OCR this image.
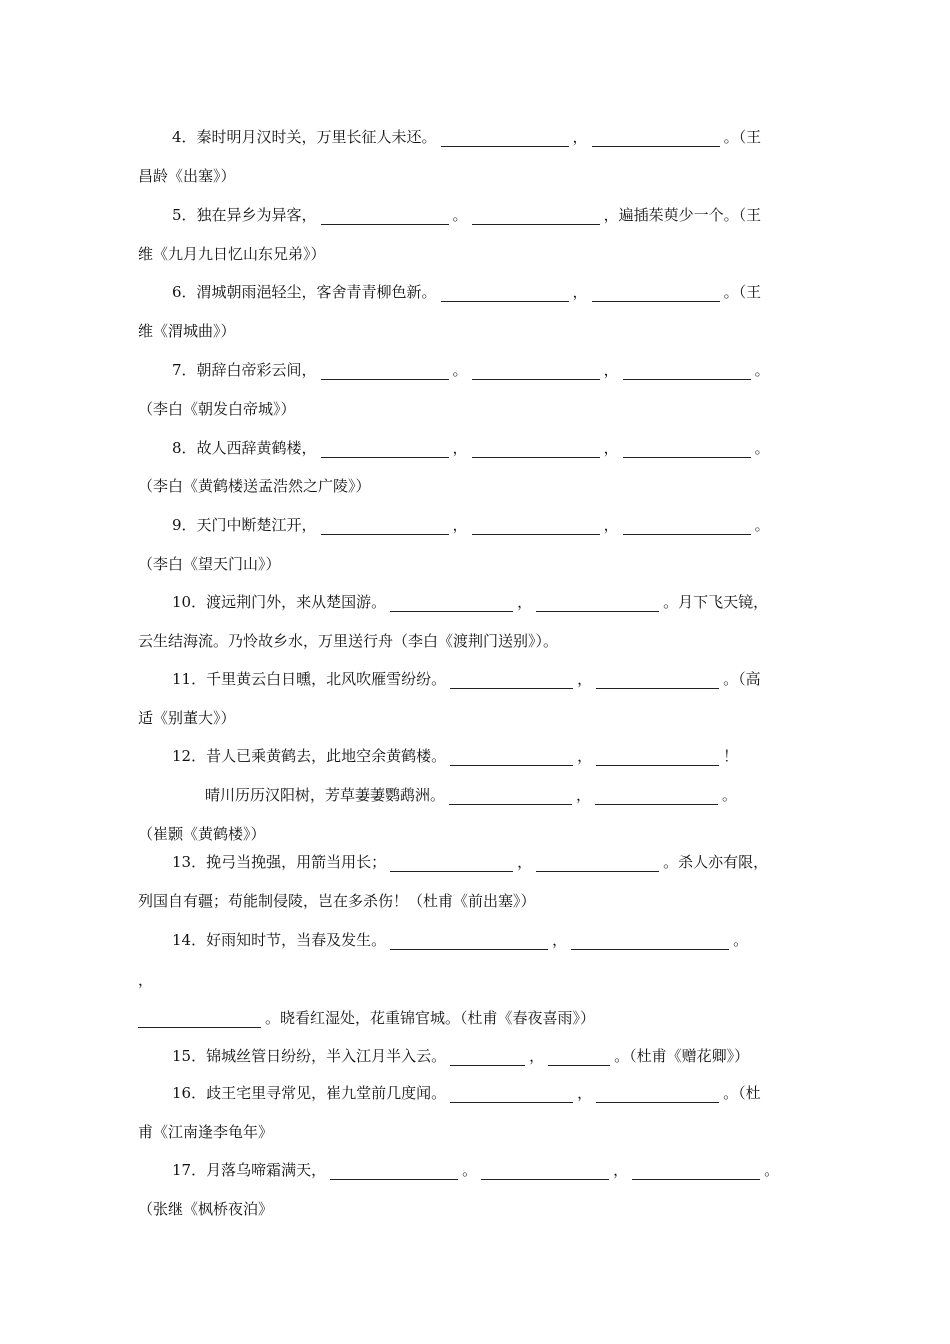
4．秦时明月汉时关，万里长征人未还。	，	。（王
昌龄《出塞》）
5．独在异乡为异客，	。	，遍插茱萸少一个。（王
维《九月九日忆山东兄弟》）
6．渭城朝雨浥轻尘，客舍青青柳色新。	，	。（王
维《渭城曲》）
7．朝辞白帝彩云间，	。	，	。
（李白《朝发白帝城》）
8．故人西辞黄鹤楼，	，	，	。
（李白《黄鹤楼送孟浩然之广陵》）
9．天门中断楚江开，	，	，	。
（李白《望天门山》）
10．渡远荆门外，来从楚国游。	，	。月下飞天镜，
云生结海流。乃怜故乡水，万里送行舟（李白《渡荆门送别》）。
11．千里黄云白日曛，北风吹雁雪纷纷。	，	。（高
适《别董大》）
12．昔人已乘黄鹤去，此地空余黄鹤楼。	，	！
晴川历历汉阳树，芳草萋萋鹦鹉洲。	，	。
（崔颢《黄鹤楼》）
13．挽弓当挽强，用箭当用长；	，	。杀人亦有限，
列国自有疆；苟能制侵陵，岂在多杀伤！（杜甫《前出塞》）
14．好雨知时节，当春及发生。	，	。
，
。晓看红湿处，花重锦官城。（杜甫《春夜喜雨》）
15．锦城丝管日纷纷，半入江月半入云。	，	。（杜甫《赠花卿》）
16．歧王宅里寻常见，崔九堂前几度闻。	，	。（杜
甫《江南逢李龟年》
17．月落乌啼霜满天，	。	，	。
（张继《枫桥夜泊》
